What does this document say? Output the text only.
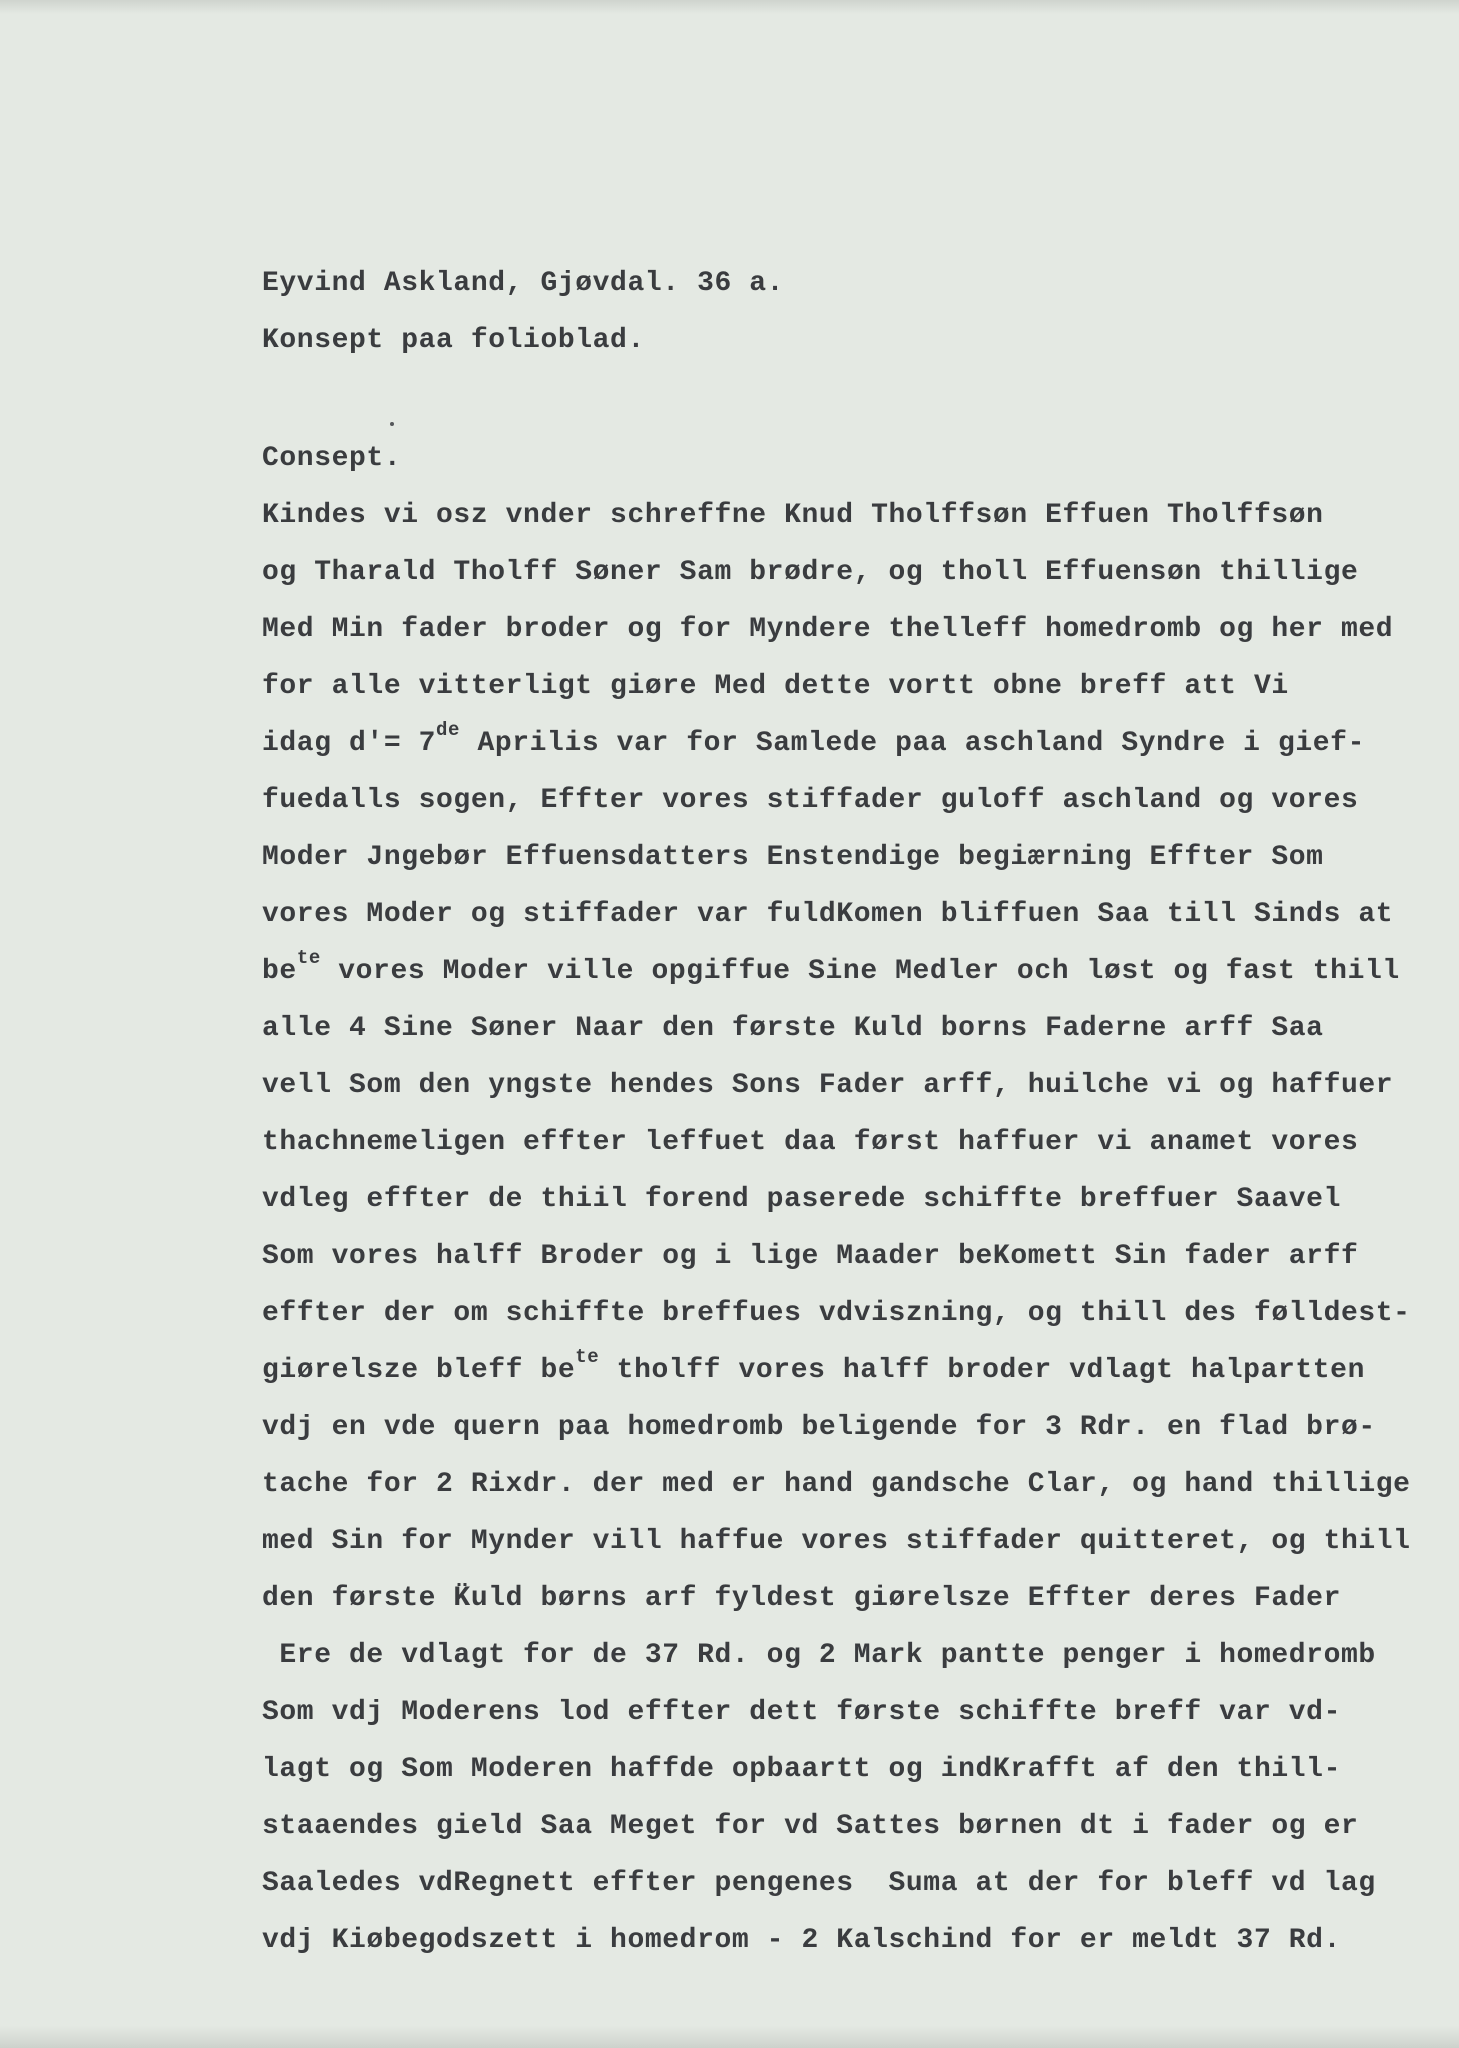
Eyvind Askland, Gjøvdal. 36 a.
Konsept paa folioblad.
Consept.
Kindes vi osz vnder schreffne Knud Tholffsøn Effuen Tholffsøn
og Tharald Tholff Søner Sam brødre, og tholl Effuensøn thillige
Med Min fader broder og for Myndere thelleff homedromb og her med
for alle vitterligt giøre Med dette vortt obne breff att Vi
idag d'= 7de Aprilis var for Samlede paa aschland Syndre i gief-
fuedalls sogen, Effter vores stiffader guloff aschland og vores
Moder Jngebør Effuensdatters Enstendige begiærning Effter Som
vores Moder og stiffader var fuldKomen bliffuen Saa till Sinds at
$be^{te}$ vores Moder ville opgiffue Sine Medler och løst og fast thill
alle 4 Sine Søner Naar den første Kuld borns Faderne arff Saa
vell Som den yngste hendes Sons Fader arff, huilche vi og haffuer
thachnemeligen effter leffuet daa først haffuer vi anamet vores
vdleg effter de thiil forend paserede schiffte breffuer Saavel
Som vores halff Broder og i lige Maader beKomett Sin fader arff
effter der om schiffte breffues vdviszning, og thill des følldest-
giørelsze bleff $be^{te}$ tholff vores halff broder vdlagt halpartten
vdj en vde quern paa homedromb beligende for 3 Rdr. en flad brø-
tache for 2 Rixdr. der med er hand gandsche Clar, og hand thillige
med Sin for Mynder vill haffue vores stiffader quitteret, og thill
den første K̈uld børns arf fyldest giørelsze Effter deres Fader
Ere de vdlagt for de 37 Rd. og 2 Mark pantte penger i homedromb
Som vdj Moderens lod effter dett første schiffte breff var vd-
lagt og Som Moderen haffde opbaartt og indKrafft af den thill-
staaendes gield Saa Meget for vd Sattes børnen dt i fader og er
Saaledes vdRegnett effter pengenes  Suma at der for bleff vd lag
vdj Kiøbegodszett i homedrom - 2 Kalschind for er meldt 37 Rd.
